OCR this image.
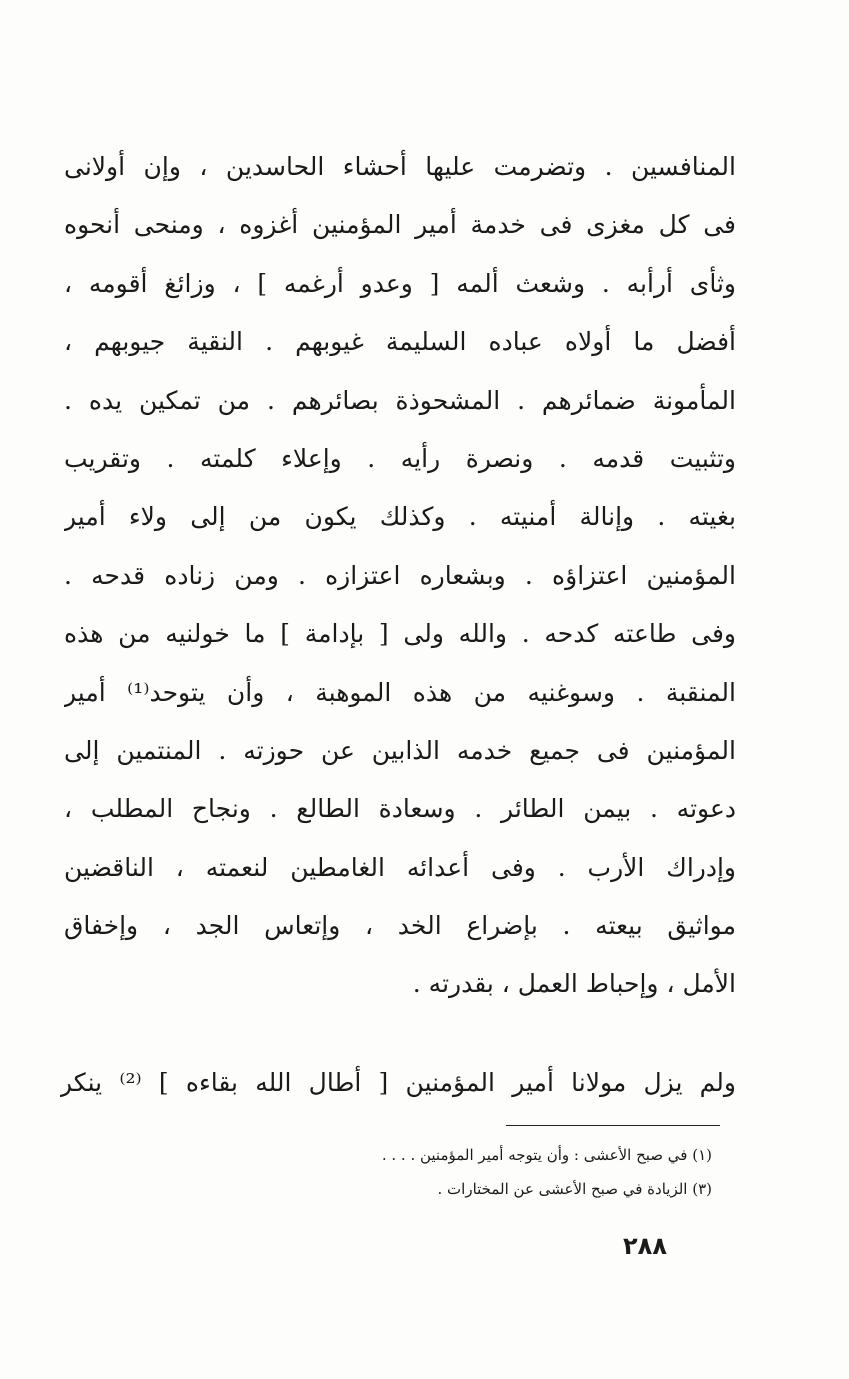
المنافسين . وتضرمت عليها أحشاء الحاسدين ، وإن أولانى
فى كل مغزى فى خدمة أمير المؤمنين أغزوه ، ومنحى أنحوه
وثأى أرأبه . وشعث ألمه [ وعدو أرغمه ] ، وزائغ أقومه ،
أفضل ما أولاه عباده السليمة غيوبهم . النقية جيوبهم ،
المأمونة ضمائرهم . المشحوذة بصائرهم . من تمكين يده .
وتثبيت قدمه . ونصرة رأيه . وإعلاء كلمته . وتقريب
بغيته . وإنالة أمنيته . وكذلك يكون من إلى ولاء أمير
المؤمنين اعتزاؤه . وبشعاره اعتزازه . ومن زناده قدحه .
وفى طاعته كدحه . والله ولى [ بإدامة ] ما خولنيه من هذه
المنقبة . وسوغنيه من هذه الموهبة ، وأن يتوحد⁽¹⁾ أمير
المؤمنين فى جميع خدمه الذابين عن حوزته . المنتمين إلى
دعوته . بيمن الطائر . وسعادة الطالع . ونجاح المطلب ،
وإدراك الأرب . وفى أعدائه الغامطين لنعمته ، الناقضين
مواثيق بيعته . بإضراع الخد ، وإتعاس الجد ، وإخفاق
الأمل ، وإحباط العمل ، بقدرته .
ولم يزل مولانا أمير المؤمنين [ أطال الله بقاءه ] ⁽²⁾ ينكر
(١) في صبح الأعشى : وأن يتوجه أمير المؤمنين . . . .
(٣) الزيادة في صبح الأعشى عن المختارات .
٢٨٨
